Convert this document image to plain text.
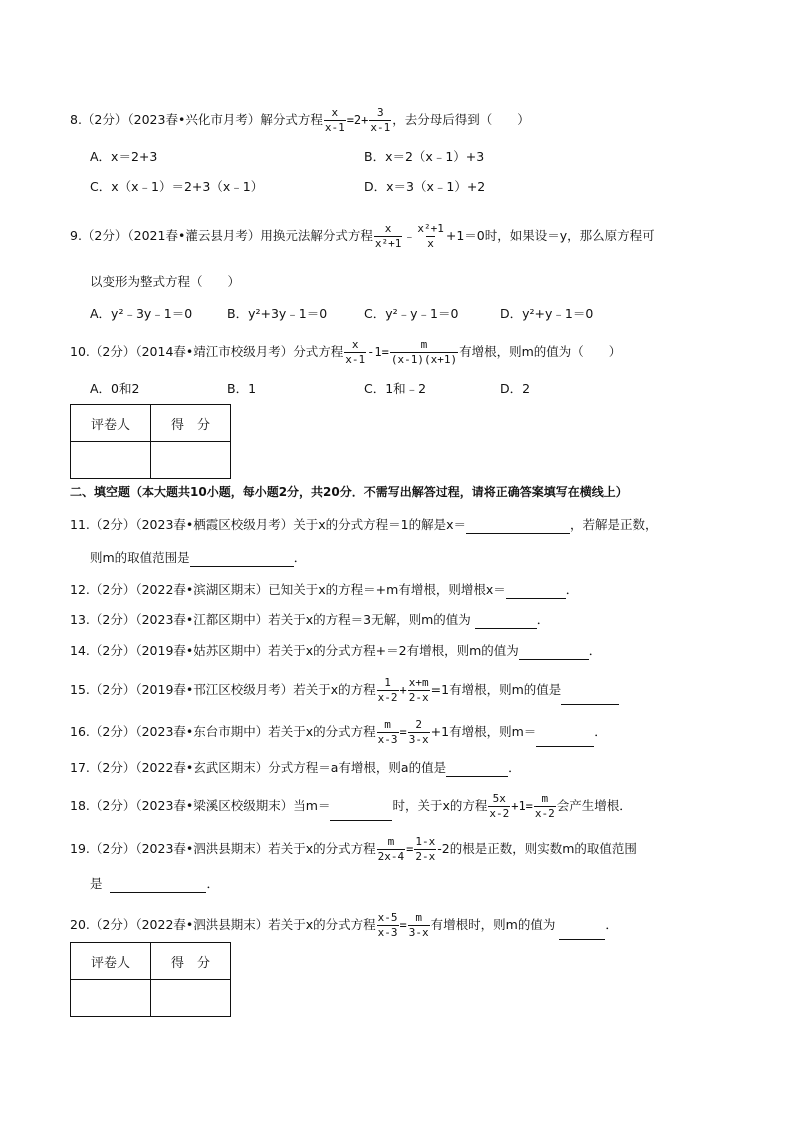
8.（2分）（2023春•兴化市月考）解分式方程 $\frac{x}{x-1} =2+ \frac{3}{x-1}$ ，去分母后得到（　　）
A．x＝2+3	B．x＝2（x﹣1）+3
C．x（x﹣1）＝2+3（x﹣1）	D．x＝3（x﹣1）+2
9.（2分）（2021春•灌云县月考）用换元法解分式方程 $\frac{x}{\text{x²+1}}$ ﹣ $\frac{\text{x²+1}}{x} +1=0$时，如果设＝y，那么原方程可
以变形为整式方程（　　）
A．y²﹣3y﹣1＝0	B．y²+3y﹣1＝0	C．y²﹣y﹣1＝0	D．y²+y﹣1＝0
10.（2分）（2014春•靖江市校级月考）分式方程 $\frac{x}{x-1} -1= \frac{m}{(x-1)(x+1)}$ 有增根，则m的值为（　　）
A．0和2	B．1	C．1和﹣2	D．2
评卷人	得　分

二、填空题（本大题共10小题，每小题2分，共20分．不需写出解答过程，请将正确答案填写在横线上）
11.（2分）（2023春•栖霞区校级月考）关于x的分式方程＝1的解是x＝	，若解是正数，
则m的取值范围是	．
12.（2分）（2022春•滨湖区期末）已知关于x的方程＝+m有增根，则增根x＝	．
13.（2分）（2023春•江都区期中）若关于x的方程＝3无解，则m的值为	．
14.（2分）（2019春•姑苏区期中）若关于x的分式方程+＝2有增根，则m的值为	．
15.（2分）（2019春•邗江区校级月考）若关于x的方程 $\frac{1}{x-2} + \frac{x+m}{2-x} =1$有增根，则m的值是
16.（2分）（2023春•东台市期中）若关于x的分式方程 $\frac{m}{x-3} = \frac{2}{3-x} +1$有增根，则m＝	．
17.（2分）（2022春•玄武区期末）分式方程＝a有增根，则a的值是	．
18.（2分）（2023春•梁溪区校级期末）当m＝	时，关于x的方程 $\frac{5x}{x-2} +1= \frac{m}{x-2}$ 会产生增根．
19.（2分）（2023春•泗洪县期末）若关于x的分式方程 $\frac{m}{2x-4} = \frac{1-x}{2-x} -2$的根是正数，则实数m的取值范围
是	．
20.（2分）（2022春•泗洪县期末）若关于x的分式方程 $\frac{x-5}{x-3} = \frac{m}{3-x}$ 有增根时，则m的值为	．
评卷人	得　分
